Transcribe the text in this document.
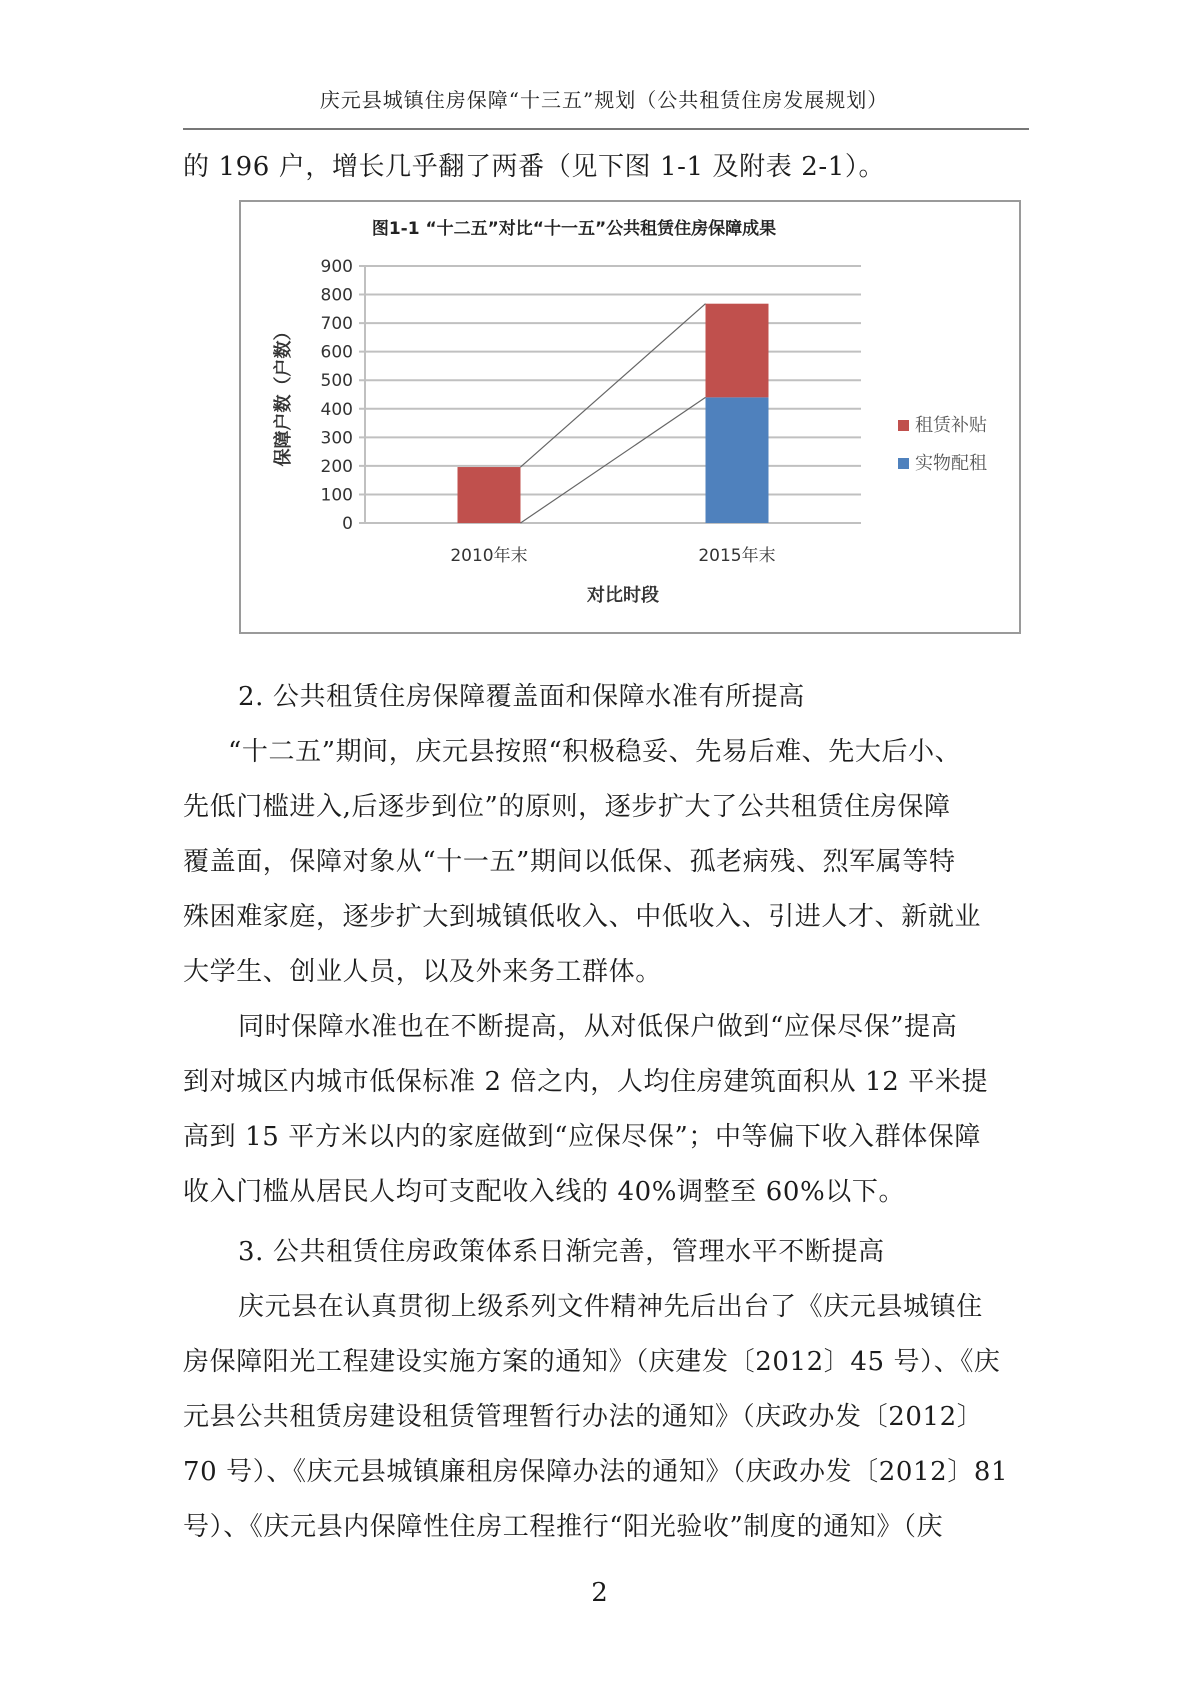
庆元县城镇住房保障“十三五”规划（公共租赁住房发展规划）
的 196 户，增长几乎翻了两番（见下图 1-1 及附表 2-1）。
图1-1 “十二五”对比“十一五”公共租赁住房保障成果
0
100
200
300
400
500
600
700
800
900
保障户数（户数）
2010年末	2015年末
对比时段
租赁补贴
实物配租
2. 公共租赁住房保障覆盖面和保障水准有所提高
“十二五”期间，庆元县按照“积极稳妥、先易后难、先大后小、
先低门槛进入,后逐步到位”的原则，逐步扩大了公共租赁住房保障
覆盖面，保障对象从“十一五”期间以低保、孤老病残、烈军属等特
殊困难家庭，逐步扩大到城镇低收入、中低收入、引进人才、新就业
大学生、创业人员，以及外来务工群体。
同时保障水准也在不断提高，从对低保户做到“应保尽保”提高
到对城区内城市低保标准 2 倍之内，人均住房建筑面积从 12 平米提
高到 15 平方米以内的家庭做到“应保尽保”；中等偏下收入群体保障
收入门槛从居民人均可支配收入线的 40%调整至 60%以下。
3. 公共租赁住房政策体系日渐完善，管理水平不断提高
庆元县在认真贯彻上级系列文件精神先后出台了《庆元县城镇住
房保障阳光工程建设实施方案的通知》（庆建发〔2012〕45 号）、《庆
元县公共租赁房建设租赁管理暂行办法的通知》（庆政办发〔2012〕
70 号）、《庆元县城镇廉租房保障办法的通知》（庆政办发〔2012〕81
号）、《庆元县内保障性住房工程推行“阳光验收”制度的通知》（庆
2
